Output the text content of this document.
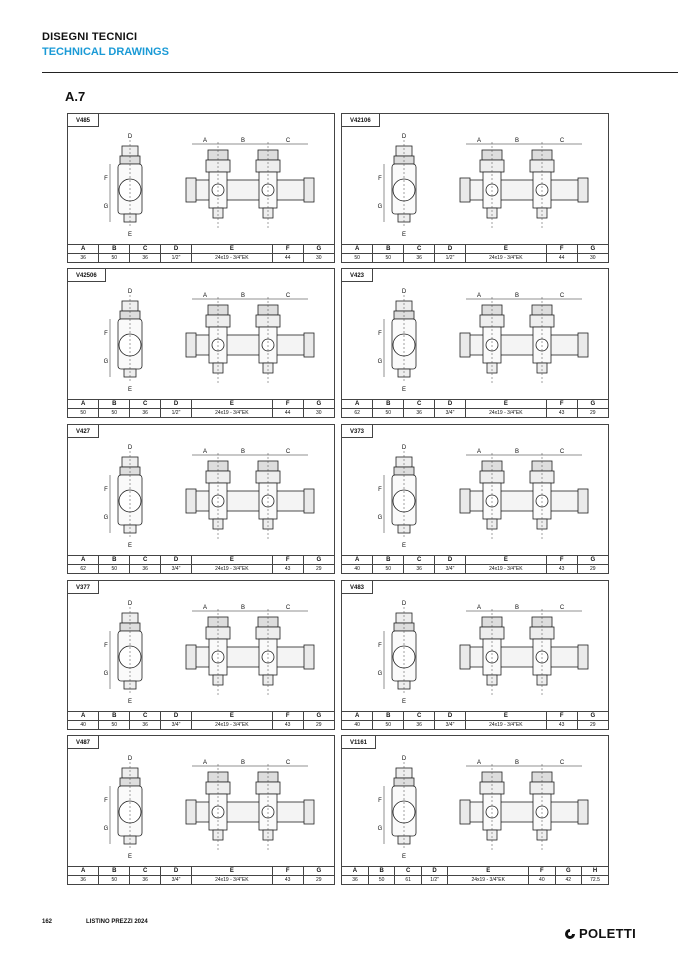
DISEGNI TECNICI
TECHNICAL DRAWINGS
A.7
V485
F
G
D
E
A	B	C
A	B	C	D	E	F	G
36	50	36	1/2"	24x19 - 3/4"EK	44	30
V42106
F
G
D
E
A	B	C
A	B	C	D	E	F	G
50	50	36	1/2"	24x19 - 3/4"EK	44	30
V42506
F
G
D
E
A	B	C
A	B	C	D	E	F	G
50	50	36	1/2"	24x19 - 3/4"EK	44	30
V423
F
G
D
E
A	B	C
A	B	C	D	E	F	G
62	50	36	3/4"	24x19 - 3/4"EK	43	29
V427
F
G
D
E
A	B	C
A	B	C	D	E	F	G
62	50	36	3/4"	24x19 - 3/4"EK	43	29
V373
F
G
D
E
A	B	C
A	B	C	D	E	F	G
40	50	36	3/4"	24x19 - 3/4"EK	43	29
V377
F
G
D
E
A	B	C
A	B	C	D	E	F	G
40	50	36	3/4"	24x19 - 3/4"EK	43	29
V483
F
G
D
E
A	B	C
A	B	C	D	E	F	G
40	50	36	3/4"	24x19 - 3/4"EK	43	29
V487
F
G
D
E
A	B	C
A	B	C	D	E	F	G
36	50	36	3/4"	24x19 - 3/4"EK	43	29
V1161
F
G
D
E
A	B	C
A	B	C	D	E	F	G	H
36	50	61	1/2"	24x19 - 3/4"EK	40	42	72.5
162	LISTINO PREZZI 2024
POLETTI
